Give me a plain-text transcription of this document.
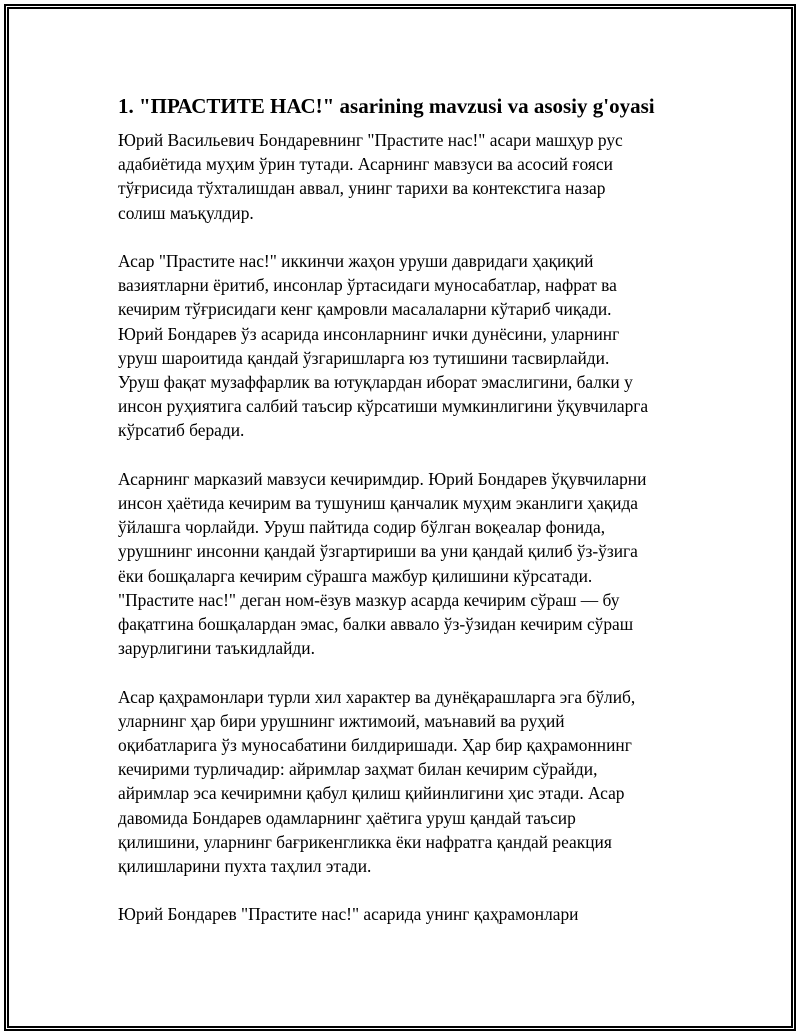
1. "ПРАСТИТЕ НАС!" asarining mavzusi va asosiy g'oyasi
Юрий Васильевич Бондаревнинг "Прастите нас!" асари машҳур рус
адабиётида муҳим ўрин тутади. Асарнинг мавзуси ва асосий ғояси
тўғрисида тўхталишдан аввал, унинг тарихи ва контекстига назар
солиш маъқулдир.
Асар "Прастите нас!" иккинчи жаҳон уруши давридаги ҳақиқий
вазиятларни ёритиб, инсонлар ўртасидаги муносабатлар, нафрат ва
кечирим тўғрисидаги кенг қамровли масалаларни кўтариб чиқади.
Юрий Бондарев ўз асарида инсонларнинг ички дунёсини, уларнинг
уруш шароитида қандай ўзгаришларга юз тутишини тасвирлайди.
Уруш фақат музаффарлик ва ютуқлардан иборат эмаслигини, балки у
инсон руҳиятига салбий таъсир кўрсатиши мумкинлигини ўқувчиларга
кўрсатиб беради.
Асарнинг марказий мавзуси кечиримдир. Юрий Бондарев ўқувчиларни
инсон ҳаётида кечирим ва тушуниш қанчалик муҳим эканлиги ҳақида
ўйлашга чорлайди. Уруш пайтида содир бўлган воқеалар фонида,
урушнинг инсонни қандай ўзгартириши ва уни қандай қилиб ўз-ўзига
ёки бошқаларга кечирим сўрашга мажбур қилишини кўрсатади.
"Прастите нас!" деган ном-ёзув мазкур асарда кечирим сўраш — бу
фақатгина бошқалардан эмас, балки аввало ўз-ўзидан кечирим сўраш
зарурлигини таъкидлайди.
Асар қаҳрамонлари турли хил характер ва дунёқарашларга эга бўлиб,
уларнинг ҳар бири урушнинг ижтимоий, маънавий ва руҳий
оқибатларига ўз муносабатини билдиришади. Ҳар бир қаҳрамоннинг
кечирими турличадир: айримлар заҳмат билан кечирим сўрайди,
айримлар эса кечиримни қабул қилиш қийинлигини ҳис этади. Асар
давомида Бондарев одамларнинг ҳаётига уруш қандай таъсир
қилишини, уларнинг бағрикенгликка ёки нафратга қандай реакция
қилишларини пухта таҳлил этади.
Юрий Бондарев "Прастите нас!" асарида унинг қаҳрамонлари
